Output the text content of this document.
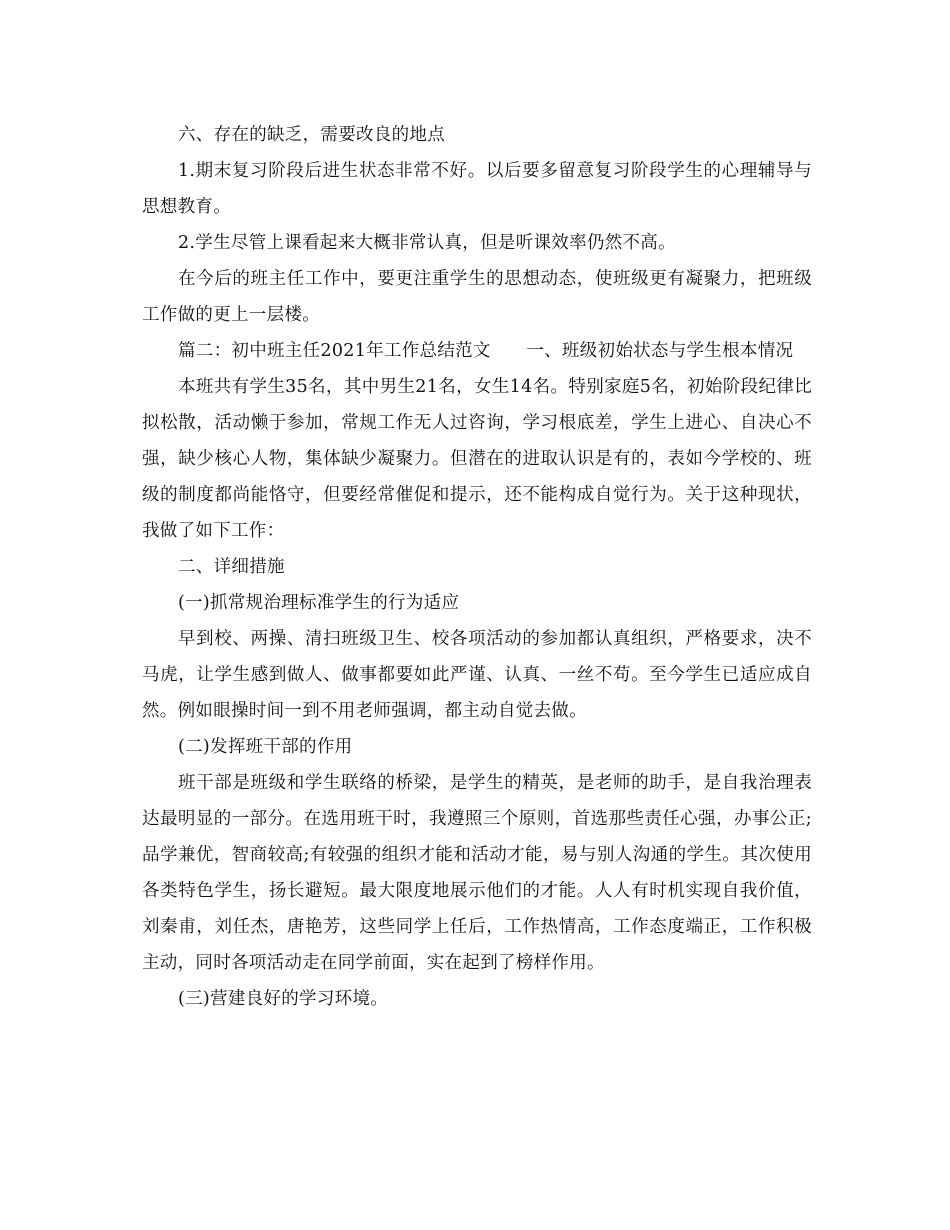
六、存在的缺乏，需要改良的地点

1.期末复习阶段后进生状态非常不好。以后要多留意复习阶段学生的心理辅导与思想教育。

2.学生尽管上课看起来大概非常认真，但是听课效率仍然不高。

在今后的班主任工作中，要更注重学生的思想动态，使班级更有凝聚力，把班级工作做的更上一层楼。

篇二：初中班主任2021年工作总结范文　　一、班级初始状态与学生根本情况

本班共有学生35名，其中男生21名，女生14名。特别家庭5名，初始阶段纪律比拟松散，活动懒于参加，常规工作无人过咨询，学习根底差，学生上进心、自决心不强，缺少核心人物，集体缺少凝聚力。但潜在的进取认识是有的，表如今学校的、班级的制度都尚能恪守，但要经常催促和提示，还不能构成自觉行为。关于这种现状，我做了如下工作：

二、详细措施

(一)抓常规治理标准学生的行为适应

早到校、两操、清扫班级卫生、校各项活动的参加都认真组织，严格要求，决不马虎，让学生感到做人、做事都要如此严谨、认真、一丝不苟。至今学生已适应成自然。例如眼操时间一到不用老师强调，都主动自觉去做。

(二)发挥班干部的作用

班干部是班级和学生联络的桥梁，是学生的精英，是老师的助手，是自我治理表达最明显的一部分。在选用班干时，我遵照三个原则，首选那些责任心强，办事公正;品学兼优，智商较高;有较强的组织才能和活动才能，易与别人沟通的学生。其次使用各类特色学生，扬长避短。最大限度地展示他们的才能。人人有时机实现自我价值，刘秦甫，刘任杰，唐艳芳，这些同学上任后，工作热情高，工作态度端正，工作积极主动，同时各项活动走在同学前面，实在起到了榜样作用。

(三)营建良好的学习环境。
